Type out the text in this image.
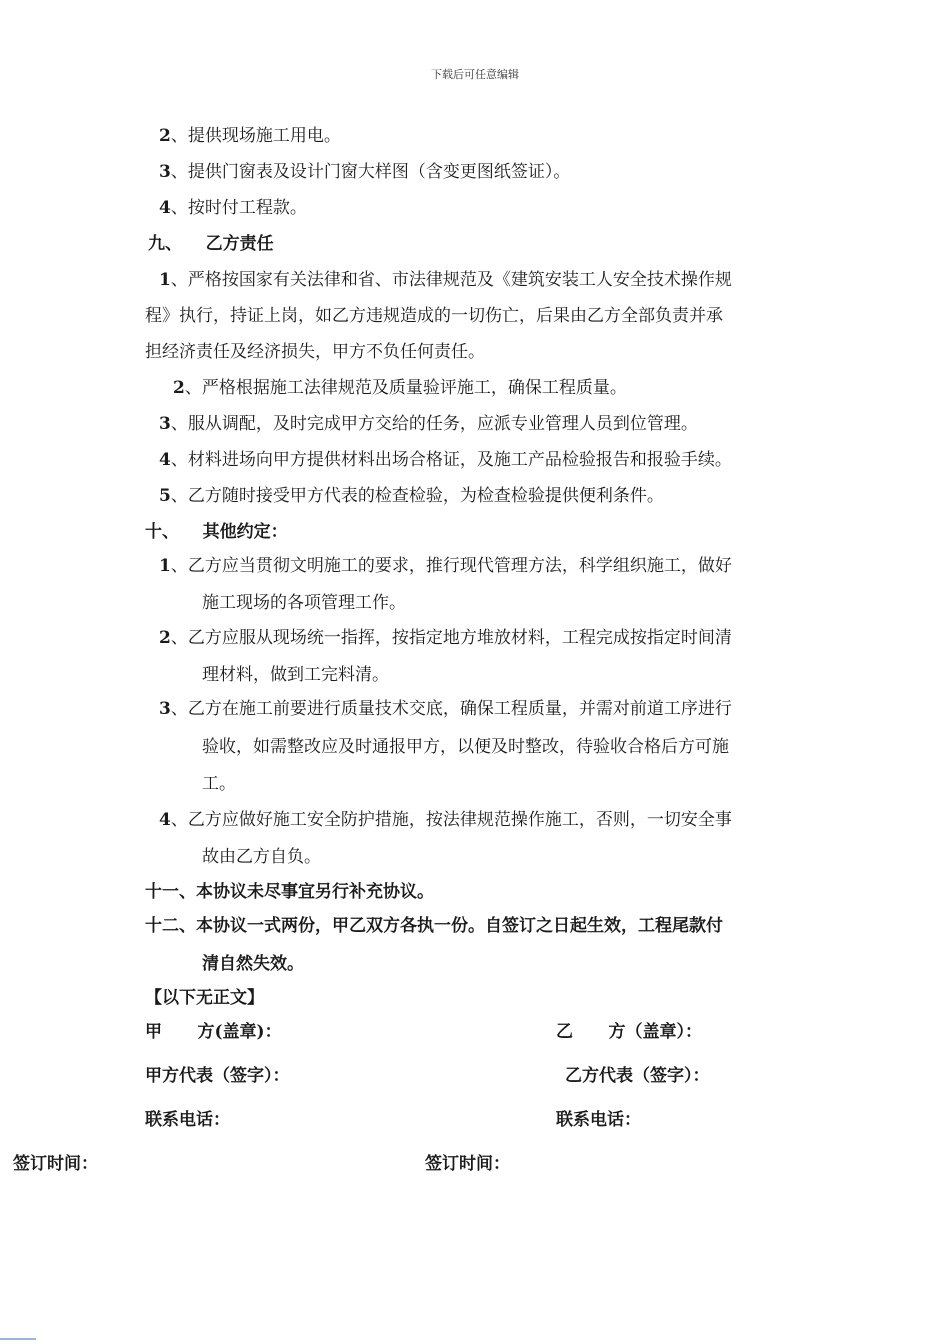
下载后可任意编辑
2、提供现场施工用电。
3、提供门窗表及设计门窗大样图（含变更图纸签证）。
4、按时付工程款。
九、    乙方责任
1、严格按国家有关法律和省、市法律规范及《建筑安装工人安全技术操作规
程》执行，持证上岗，如乙方违规造成的一切伤亡，后果由乙方全部负责并承
担经济责任及经济损失，甲方不负任何责任。
2、严格根据施工法律规范及质量验评施工，确保工程质量。
3、服从调配，及时完成甲方交给的任务，应派专业管理人员到位管理。
4、材料进场向甲方提供材料出场合格证，及施工产品检验报告和报验手续。
5、乙方随时接受甲方代表的检查检验，为检查检验提供便利条件。
十、    其他约定：
1、乙方应当贯彻文明施工的要求，推行现代管理方法，科学组织施工，做好
施工现场的各项管理工作。
2、乙方应服从现场统一指挥，按指定地方堆放材料，工程完成按指定时间清
理材料，做到工完料清。
3、乙方在施工前要进行质量技术交底，确保工程质量，并需对前道工序进行
验收，如需整改应及时通报甲方，以便及时整改，待验收合格后方可施
工。
4、乙方应做好施工安全防护措施，按法律规范操作施工，否则，一切安全事
故由乙方自负。
十一、本协议未尽事宜另行补充协议。
十二、本协议一式两份，甲乙双方各执一份。自签订之日起生效，工程尾款付
清自然失效。
【以下无正文】
甲      方(盖章)：	乙      方（盖章）：
甲方代表（签字）：	乙方代表（签字）：
联系电话：	联系电话：
签订时间：	签订时间：
